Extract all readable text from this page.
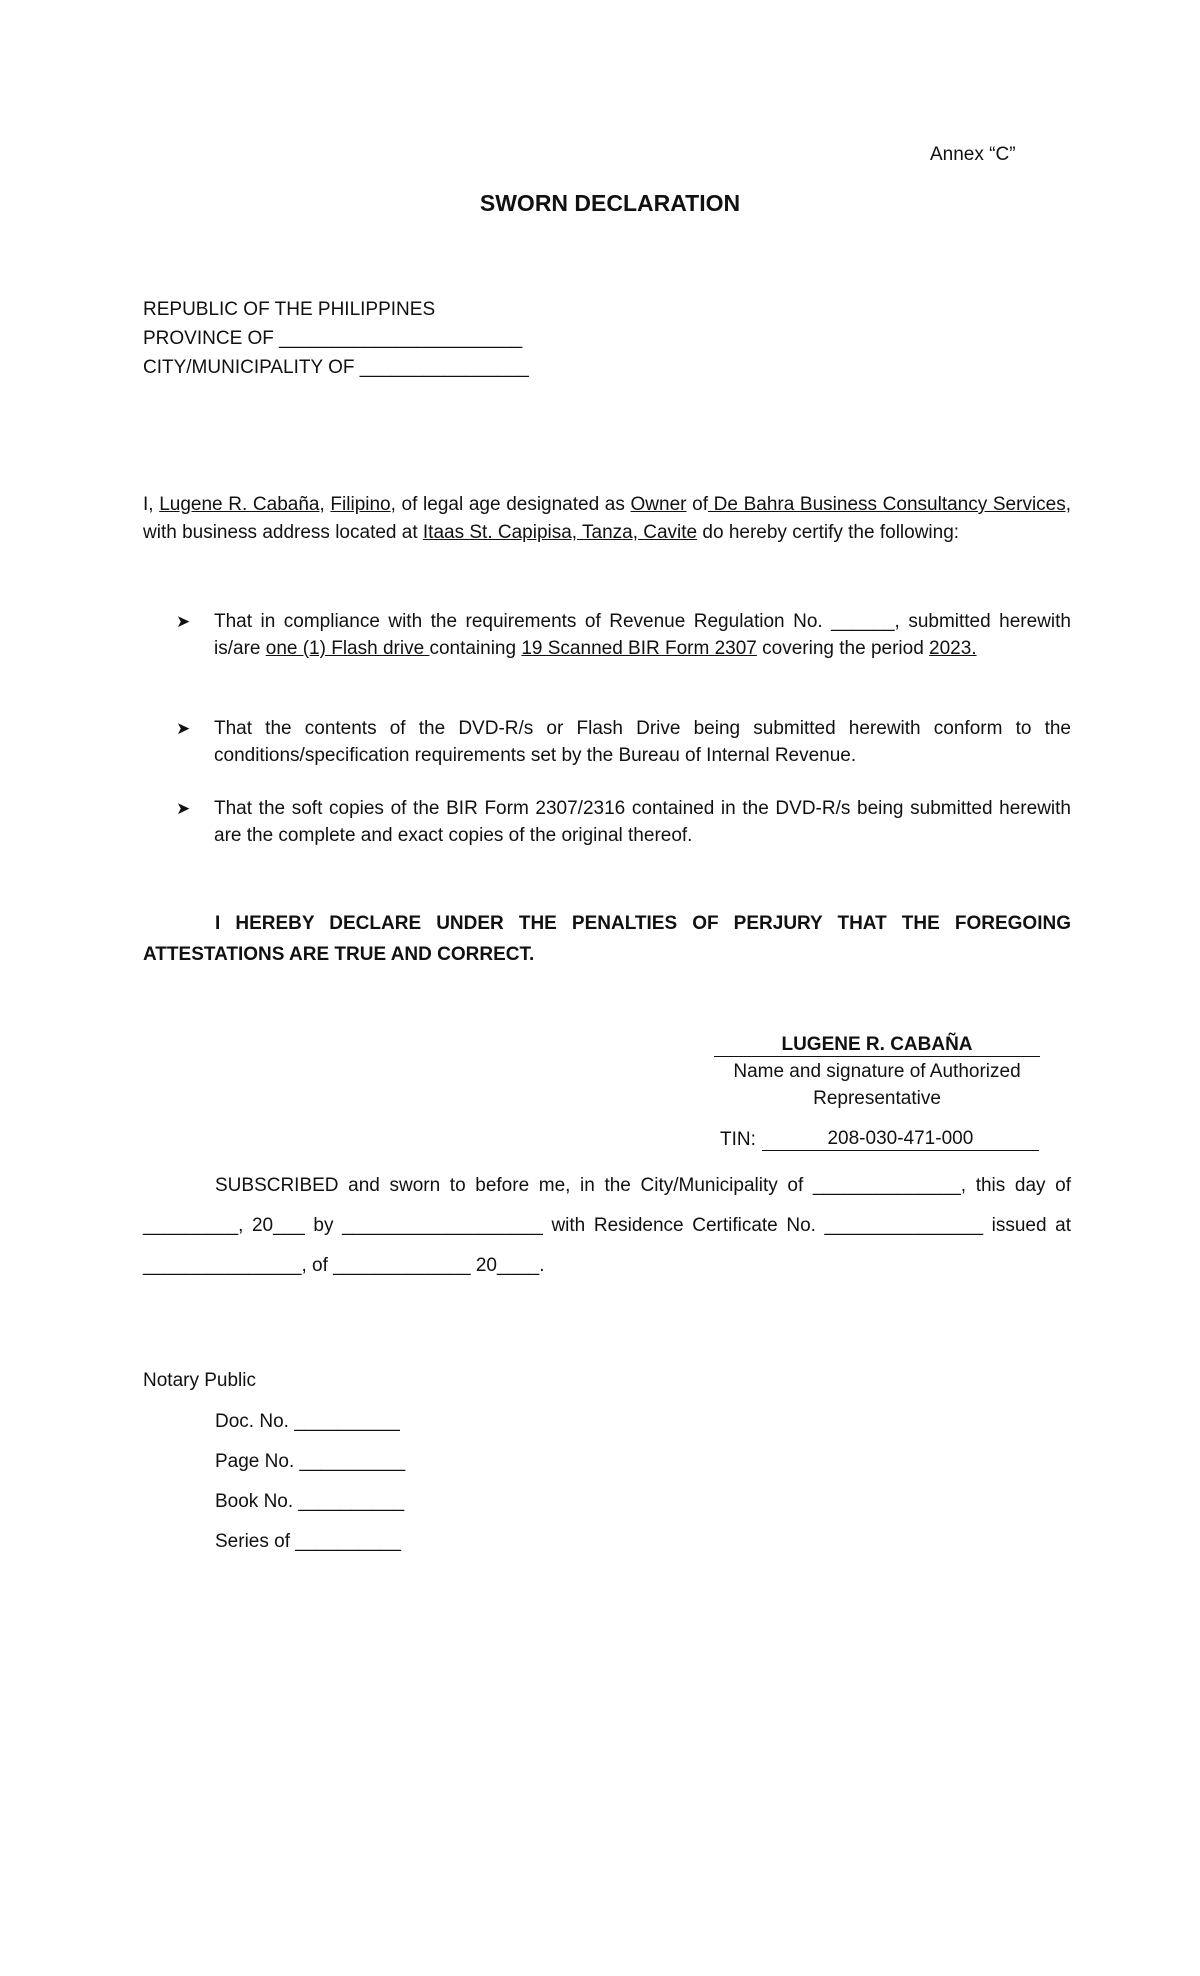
Annex “C”
SWORN DECLARATION
REPUBLIC OF THE PHILIPPINES
PROVINCE OF _______________________
CITY/MUNICIPALITY OF ________________
I, Lugene R. Cabaña, Filipino, of legal age designated as Owner of De Bahra Business Consultancy Services, with business address located at Itaas St. Capipisa, Tanza, Cavite do hereby certify the following:
➤	That in compliance with the requirements of Revenue Regulation No. ______, submitted herewith is/are one (1) Flash drive containing 19 Scanned BIR Form 2307 covering the period 2023.
➤	That the contents of the DVD-R/s or Flash Drive being submitted herewith conform to the conditions/specification requirements set by the Bureau of Internal Revenue.
➤	That the soft copies of the BIR Form 2307/2316 contained in the DVD-R/s being submitted herewith are the complete and exact copies of the original thereof.
I HEREBY DECLARE UNDER THE PENALTIES OF PERJURY THAT THE FOREGOING ATTESTATIONS ARE TRUE AND CORRECT.
LUGENE R. CABAÑA
Name and signature of Authorized Representative
TIN:	208-030-471-000
SUBSCRIBED and sworn to before me, in the City/Municipality of ______________, this day of _________, 20___ by ___________________ with Residence Certificate No. _______________ issued at _______________, of _____________ 20____.
Notary Public
Doc. No. __________
Page No. __________
Book No. __________
Series of __________
